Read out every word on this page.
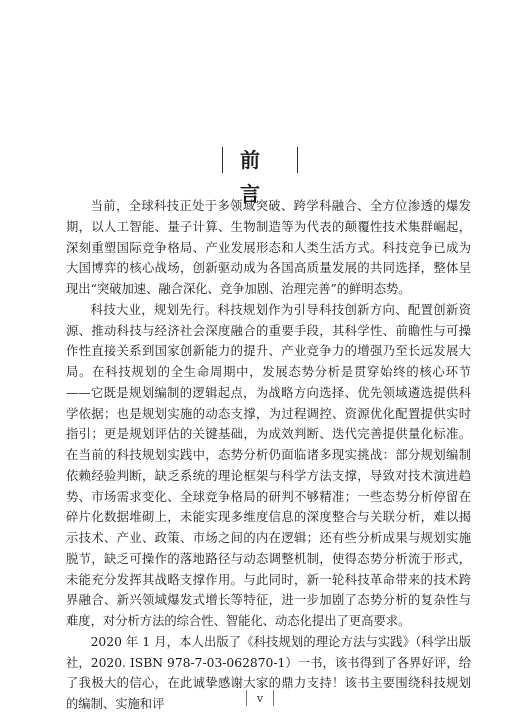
前言

当前，全球科技正处于多领域突破、跨学科融合、全方位渗透的爆发期，以人工智能、量子计算、生物制造等为代表的颠覆性技术集群崛起，深刻重塑国际竞争格局、产业发展形态和人类生活方式。科技竞争已成为大国博弈的核心战场，创新驱动成为各国高质量发展的共同选择，整体呈现出“突破加速、融合深化、竞争加剧、治理完善”的鲜明态势。

科技大业，规划先行。科技规划作为引导科技创新方向、配置创新资源、推动科技与经济社会深度融合的重要手段，其科学性、前瞻性与可操作性直接关系到国家创新能力的提升、产业竞争力的增强乃至长远发展大局。在科技规划的全生命周期中，发展态势分析是贯穿始终的核心环节——它既是规划编制的逻辑起点，为战略方向选择、优先领域遴选提供科学依据；也是规划实施的动态支撑，为过程调控、资源优化配置提供实时指引；更是规划评估的关键基础，为成效判断、迭代完善提供量化标准。在当前的科技规划实践中，态势分析仍面临诸多现实挑战：部分规划编制依赖经验判断，缺乏系统的理论框架与科学方法支撑，导致对技术演进趋势、市场需求变化、全球竞争格局的研判不够精准；一些态势分析停留在碎片化数据堆砌上，未能实现多维度信息的深度整合与关联分析，难以揭示技术、产业、政策、市场之间的内在逻辑；还有些分析成果与规划实施脱节，缺乏可操作的落地路径与动态调整机制，使得态势分析流于形式，未能充分发挥其战略支撑作用。与此同时，新一轮科技革命带来的技术跨界融合、新兴领域爆发式增长等特征，进一步加剧了态势分析的复杂性与难度，对分析方法的综合性、智能化、动态化提出了更高要求。

2020 年 1 月，本人出版了《科技规划的理论方法与实践》（科学出版社，2020. ISBN 978-7-03-062870-1）一书，该书得到了各界好评，给了我极大的信心，在此诚挚感谢大家的鼎力支持！该书主要围绕科技规划的编制、实施和评	v
